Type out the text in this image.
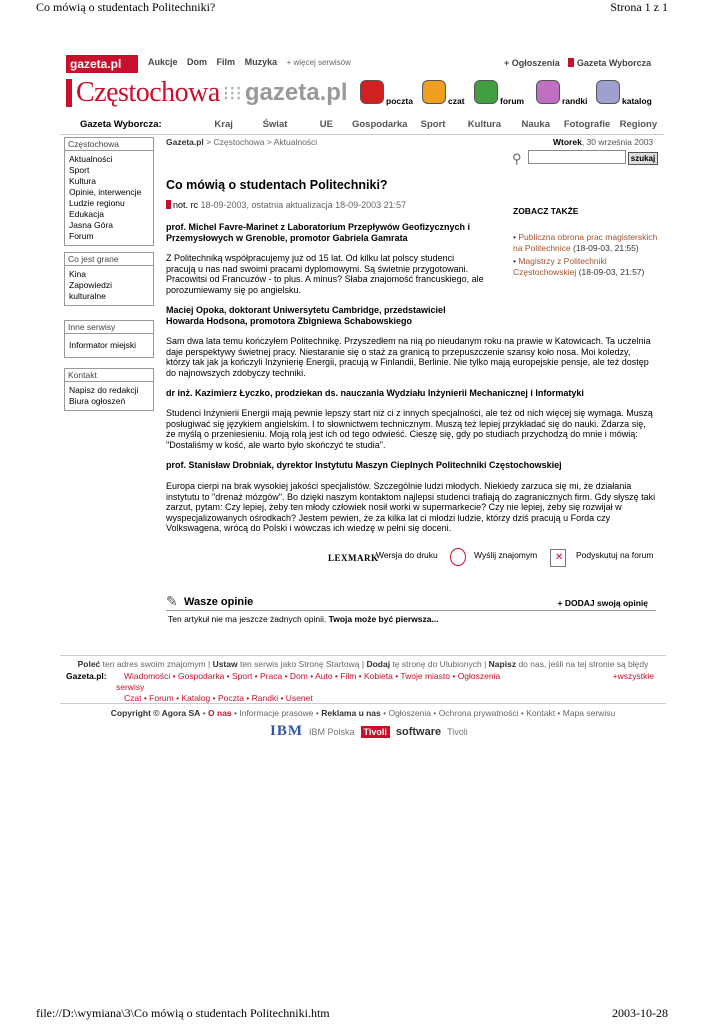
Co mówią o studentach Politechniki?	Strona 1 z 1
gazeta.pl	Aukcje Dom Film Muzyka + więcej serwisów	+ Ogłoszenia Gazeta Wyborcza
Częstochowa ⁝⁝⁝ gazeta.pl	poczta	czat	forum	randki	katalog
Gazeta Wyborcza:	Kraj	Świat	UE	Gospodarka	Sport	Kultura	Nauka	Fotografie Regiony
Częstochowa
Aktualności
Sport
Kultura
Opinie, interwencje
Ludzie regionu
Edukacja
Jasna Góra
Forum
Co jest grane
Kina
Zapowiedzi
kulturalne
Inne serwisy
Informator miejski
Kontakt
Napisz do redakcji
Biura ogłoszeń
Gazeta.pl > Częstochowa > Aktualności	Wtorek, 30 września 2003
⚲	szukaj
Co mówią o studentach Politechniki?
not. rc 18-09-2003, ostatnia aktualizacja 18-09-2003 21:57
prof. Michel Favre-Marinet z Laboratorium Przepływów Geofizycznych i Przemysłowych w Grenoble, promotor Gabriela Gamrata
Z Politechniką współpracujemy już od 15 lat. Od kilku lat polscy studenci pracują u nas nad swoimi pracami dyplomowymi. Są świetnie przygotowani. Pracowitsi od Francuzów - to plus. A minus? Słaba znajomość francuskiego, ale porozumiewamy się po angielsku.
Maciej Opoka, doktorant Uniwersytetu Cambridge, przedstawiciel Howarda Hodsona, promotora Zbigniewa Schabowskiego
Sam dwa lata temu kończyłem Politechnikę. Przyszedłem na nią po nieudanym roku na prawie w Katowicach. Ta uczelnia daje perspektywy świetnej pracy. Niestaranie się o staż za granicą to przepuszczenie szansy koło nosa. Moi koledzy, którzy tak jak ja kończyli Inżynierię Energii, pracują w Finlandii, Berlinie. Nie tylko mają europejskie pensje, ale też dostęp do najnowszych zdobyczy techniki.
dr inż. Kazimierz Łyczko, prodziekan ds. nauczania Wydziału Inżynierii Mechanicznej i Informatyki
Studenci Inżynierii Energii mają pewnie lepszy start niż ci z innych specjalności, ale też od nich więcej się wymaga. Muszą posługiwać się językiem angielskim. I to słownictwem technicznym. Muszą też lepiej przykładać się do nauki. Zdarza się, że myślą o przeniesieniu. Moją rolą jest ich od tego odwieść. Cieszę się, gdy po studiach przychodzą do mnie i mówią: "Dostaliśmy w kość, ale warto było skończyć te studia".
prof. Stanisław Drobniak, dyrektor Instytutu Maszyn Cieplnych Politechniki Częstochowskiej
Europa cierpi na brak wysokiej jakości specjalistów. Szczególnie ludzi młodych. Niekiedy zarzuca się mi, że działania instytutu to "drenaż mózgów". Bo dzięki naszym kontaktom najlepsi studenci trafiają do zagranicznych firm. Gdy słyszę taki zarzut, pytam: Czy lepiej, żeby ten młody człowiek nosił worki w supermarkecie? Czy nie lepiej, żeby się rozwijał w wyspecjalizowanych ośrodkach? Jestem pewien, że za kilka lat ci młodzi ludzie, którzy dziś pracują u Forda czy Volkswagena, wrócą do Polski i wówczas ich wiedzę w pełni się doceni.
ZOBACZ TAKŻE
• Publiczna obrona prac magisterskich na Politechnice (18-09-03, 21:55)
• Magistrzy z Politechniki Częstochowskiej (18-09-03, 21:57)
LEXMARK
Wersja do druku	Wyślij znajomym ✕ Podyskutuj na forum
✎ Wasze opinie	+ DODAJ swoją opinię
Ten artykuł nie ma jeszcze żadnych opinii. Twoja może być pierwsza...
Poleć ten adres swoim znajomym | Ustaw ten serwis jako Stronę Startową | Dodaj tę stronę do Ulubionych | Napisz do nas, jeśli na tej stronie są błędy
Gazeta.pl:	Wiadomości • Gospodarka • Sport • Praca • Dom • Auto • Film • Kobieta • Twoje miasto • Ogłoszenia
serwisy
Czat • Forum • Katalog • Poczta • Randki • Usenet
+wszystkie
Copyright © Agora SA • O nas • Informacje prasowe • Reklama u nas • Ogłoszenia • Ochrona prywatności • Kontakt • Mapa serwisu
IBM IBM Polska	Tivoli software Tivoli
file://D:\wymiana\3\Co mówią o studentach Politechniki.htm	2003-10-28
